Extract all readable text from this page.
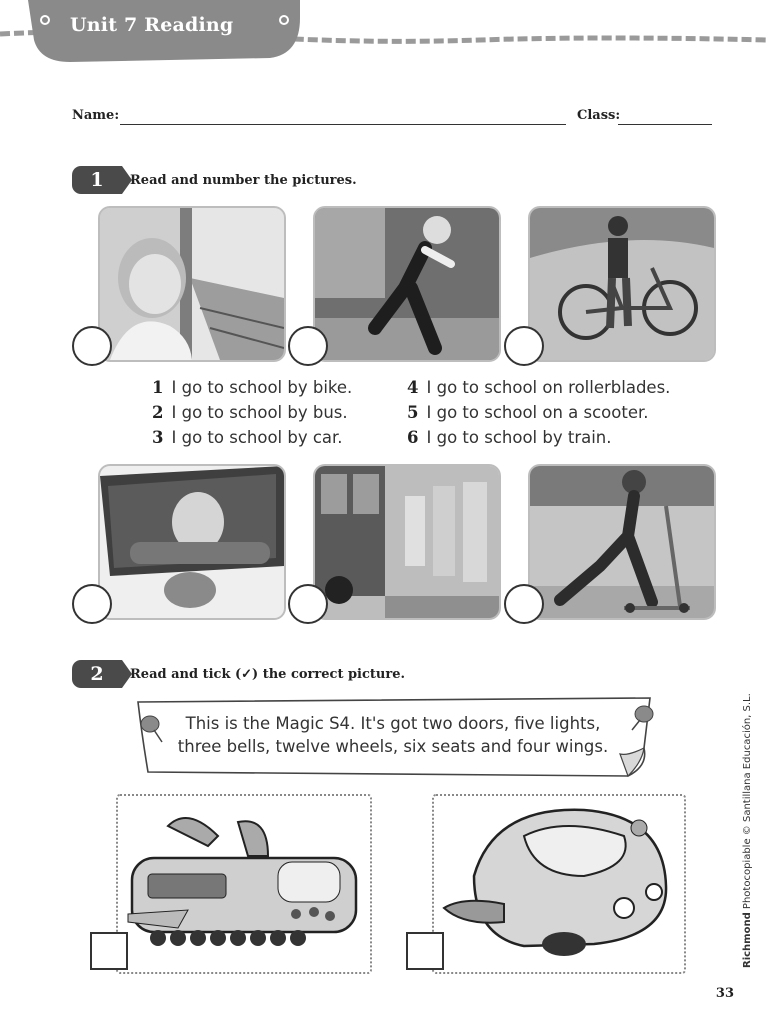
Unit 7 Reading
Name:	Class:
1	Read and number the pictures.
1 I go to school by bike.
2 I go to school by bus.
3 I go to school by car.
4 I go to school on rollerblades.
5 I go to school on a scooter.
6 I go to school by train.
2	Read and tick (✓) the correct picture.
This is the Magic S4. It's got two doors, five lights,
three bells, twelve wheels, six seats and four wings.
Richmond Photocopiable © Santillana Educación, S.L.
33
